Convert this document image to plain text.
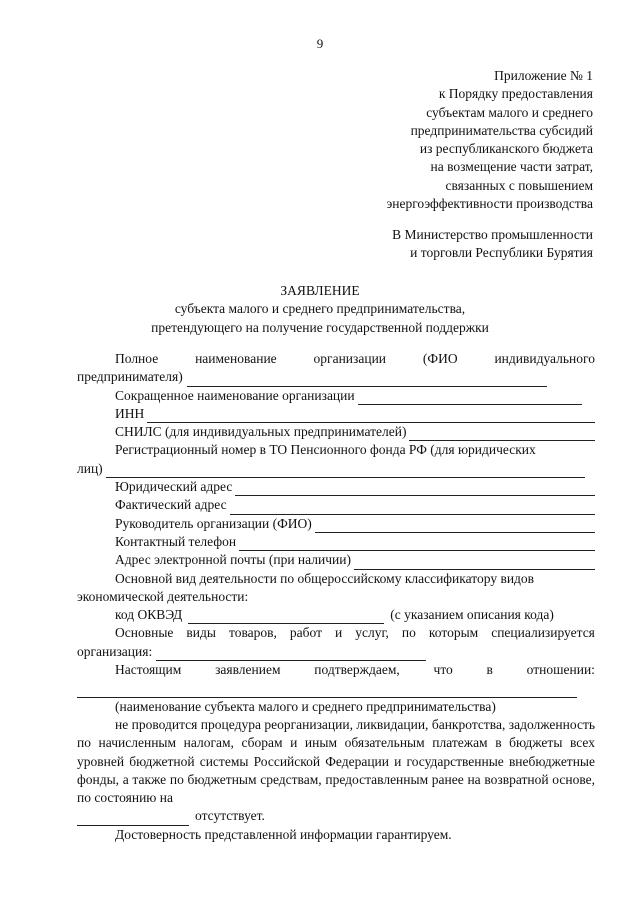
9
Приложение № 1
к Порядку предоставления
субъектам малого и среднего
предпринимательства субсидий
из республиканского бюджета
на возмещение части затрат,
связанных с повышением
энергоэффективности производства
В Министерство промышленности
и торговли Республики Бурятия
ЗАЯВЛЕНИЕ
субъекта малого и среднего предпринимательства,
претендующего на получение государственной поддержки
Полное	наименование	организации	(ФИО	индивидуального
предпринимателя)
Сокращенное наименование организации
ИНН
СНИЛС (для индивидуальных предпринимателей)
Регистрационный номер в ТО Пенсионного фонда РФ (для юридических
лиц)
Юридический адрес
Фактический адрес
Руководитель организации (ФИО)
Контактный телефон
Адрес электронной почты (при наличии)
Основной вид деятельности по общероссийскому классификатору видов
экономической деятельности:
код ОКВЭД	(с указанием описания кода)
Основные виды товаров, работ и услуг, по которым специализируется
организация:
Настоящим	заявлением	подтверждаем,	что	в	отношении:
(наименование субъекта малого и среднего предпринимательства)

не проводится процедура реорганизации, ликвидации, банкротства, задолженность по начисленным налогам, сборам и иным обязательным платежам в бюджеты всех уровней бюджетной системы Российской Федерации и государственные внебюджетные фонды, а также по бюджетным средствам, предоставленным ранее на возвратной основе, по состоянию на

отсутствует.
Достоверность представленной информации гарантируем.
